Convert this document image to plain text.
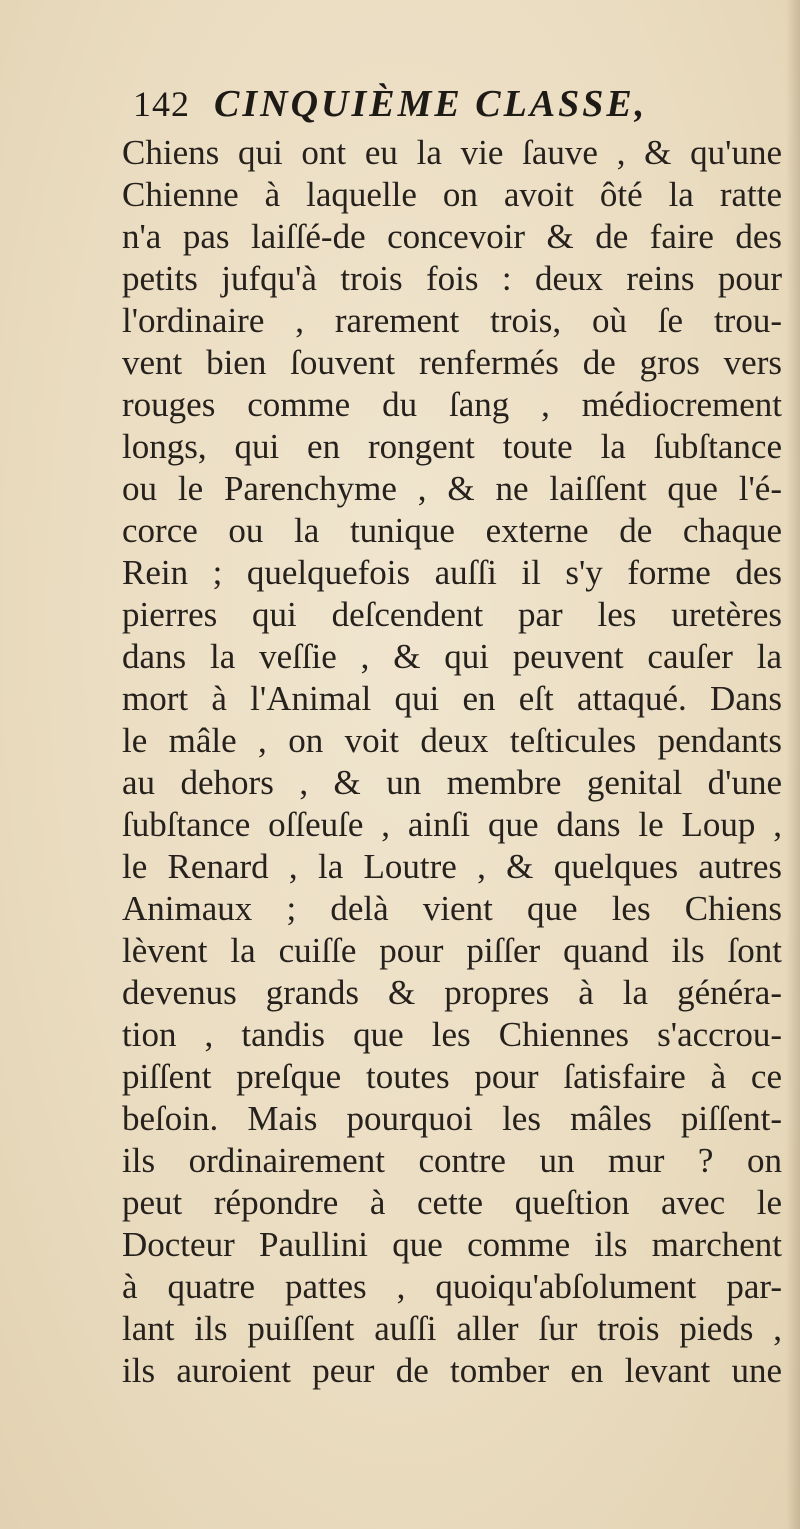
142 CINQUIÈME CLASSE,
Chiens qui ont eu la vie ſauve , & qu'une
Chienne à laquelle on avoit ôté la ratte
n'a pas laiſſé-de concevoir & de faire des
petits jufqu'à trois fois : deux reins pour
l'ordinaire , rarement trois, où ſe trou-
vent bien ſouvent renfermés de gros vers
rouges comme du ſang , médiocrement
longs, qui en rongent toute la ſubſtance
ou le Parenchyme , & ne laiſſent que l'é-
corce ou la tunique externe de chaque
Rein ; quelquefois auſſi il s'y forme des
pierres qui deſcendent par les uretères
dans la veſſie , & qui peuvent cauſer la
mort à l'Animal qui en eſt attaqué. Dans
le mâle , on voit deux teſticules pendants
au dehors , & un membre genital d'une
ſubſtance oſſeuſe , ainſi que dans le Loup ,
le Renard , la Loutre , & quelques autres
Animaux ; delà vient que les Chiens
lèvent la cuiſſe pour piſſer quand ils ſont
devenus grands & propres à la généra-
tion , tandis que les Chiennes s'accrou-
piſſent preſque toutes pour ſatisfaire à ce
beſoin. Mais pourquoi les mâles piſſent-
ils ordinairement contre un mur ? on
peut répondre à cette queſtion avec le
Docteur Paullini que comme ils marchent
à quatre pattes , quoiqu'abſolument par-
lant ils puiſſent auſſi aller ſur trois pieds ,
ils auroient peur de tomber en levant une
